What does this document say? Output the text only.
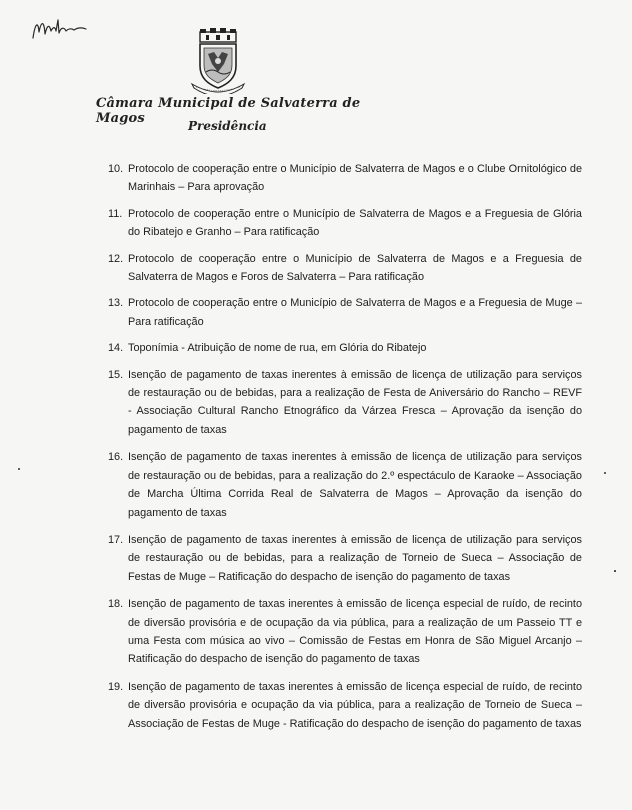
Câmara Municipal de Salvaterra de Magos	Presidência
10. Protocolo de cooperação entre o Município de Salvaterra de Magos e o Clube Ornitológico de Marinhais – Para aprovação
11. Protocolo de cooperação entre o Município de Salvaterra de Magos e a Freguesia de Glória do Ribatejo e Granho – Para ratificação
12. Protocolo de cooperação entre o Município de Salvaterra de Magos e a Freguesia de Salvaterra de Magos e Foros de Salvaterra – Para ratificação
13. Protocolo de cooperação entre o Município de Salvaterra de Magos e a Freguesia de Muge – Para ratificação
14. Toponímia - Atribuição de nome de rua, em Glória do Ribatejo
15. Isenção de pagamento de taxas inerentes à emissão de licença de utilização para serviços de restauração ou de bebidas, para a realização de Festa de Aniversário do Rancho – REVF - Associação Cultural Rancho Etnográfico da Várzea Fresca – Aprovação da isenção do pagamento de taxas
16. Isenção de pagamento de taxas inerentes à emissão de licença de utilização para serviços de restauração ou de bebidas, para a realização do 2.º espectáculo de Karaoke – Associação de Marcha Última Corrida Real de Salvaterra de Magos – Aprovação da isenção do pagamento de taxas
17. Isenção de pagamento de taxas inerentes à emissão de licença de utilização para serviços de restauração ou de bebidas, para a realização de Torneio de Sueca – Associação de Festas de Muge – Ratificação do despacho de isenção do pagamento de taxas
18. Isenção de pagamento de taxas inerentes à emissão de licença especial de ruído, de recinto de diversão provisória e de ocupação da via pública, para a realização de um Passeio TT e uma Festa com música ao vivo – Comissão de Festas em Honra de São Miguel Arcanjo – Ratificação do despacho de isenção do pagamento de taxas
19. Isenção de pagamento de taxas inerentes à emissão de licença especial de ruído, de recinto de diversão provisória e ocupação da via pública, para a realização de Torneio de Sueca – Associação de Festas de Muge - Ratificação do despacho de isenção do pagamento de taxas
